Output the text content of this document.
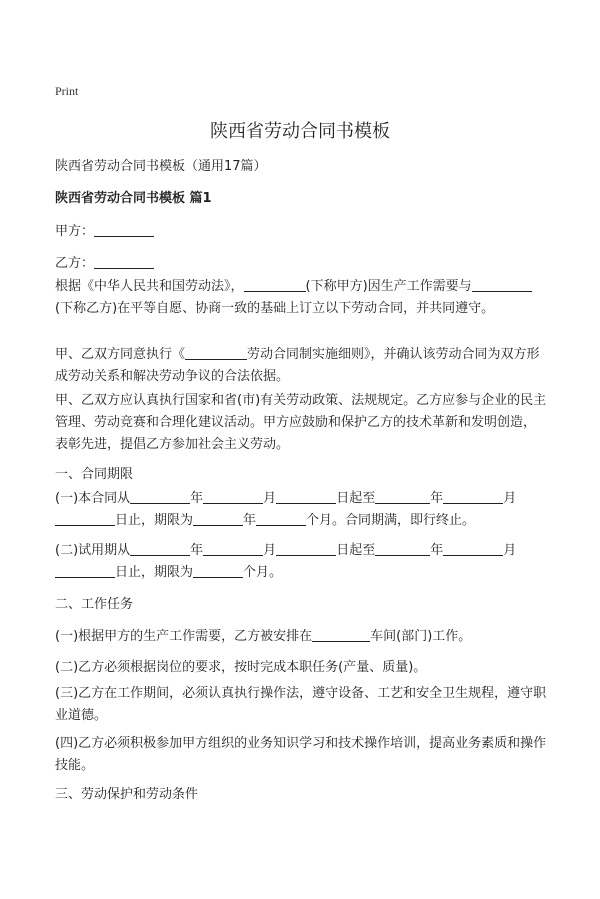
Print
陕西省劳动合同书模板
陕西省劳动合同书模板（通用17篇）
陕西省劳动合同书模板 篇1
甲方：
乙方：
根据《中华人民共和国劳动法》，	(下称甲方)因生产工作需要与(下称乙方)在平等自愿、协商一致的基础上订立以下劳动合同，并共同遵守。
甲、乙双方同意执行《	劳动合同制实施细则》，并确认该劳动合同为双方形成劳动关系和解决劳动争议的合法依据。
甲、乙双方应认真执行国家和省(市)有关劳动政策、法规规定。乙方应参与企业的民主管理、劳动竞赛和合理化建议活动。甲方应鼓励和保护乙方的技术革新和发明创造，表彰先进，提倡乙方参加社会主义劳动。
一、合同期限
(一)本合同从	年	月	日起至	年	月
日止，期限为	年	个月。合同期满，即行终止。
(二)试用期从	年	月	日起至	年	月
日止，期限为	个月。
二、工作任务
(一)根据甲方的生产工作需要，乙方被安排在	车间(部门)工作。
(二)乙方必须根据岗位的要求，按时完成本职任务(产量、质量)。
(三)乙方在工作期间，必须认真执行操作法，遵守设备、工艺和安全卫生规程，遵守职业道德。
(四)乙方必须积极参加甲方组织的业务知识学习和技术操作培训，提高业务素质和操作技能。
三、劳动保护和劳动条件
